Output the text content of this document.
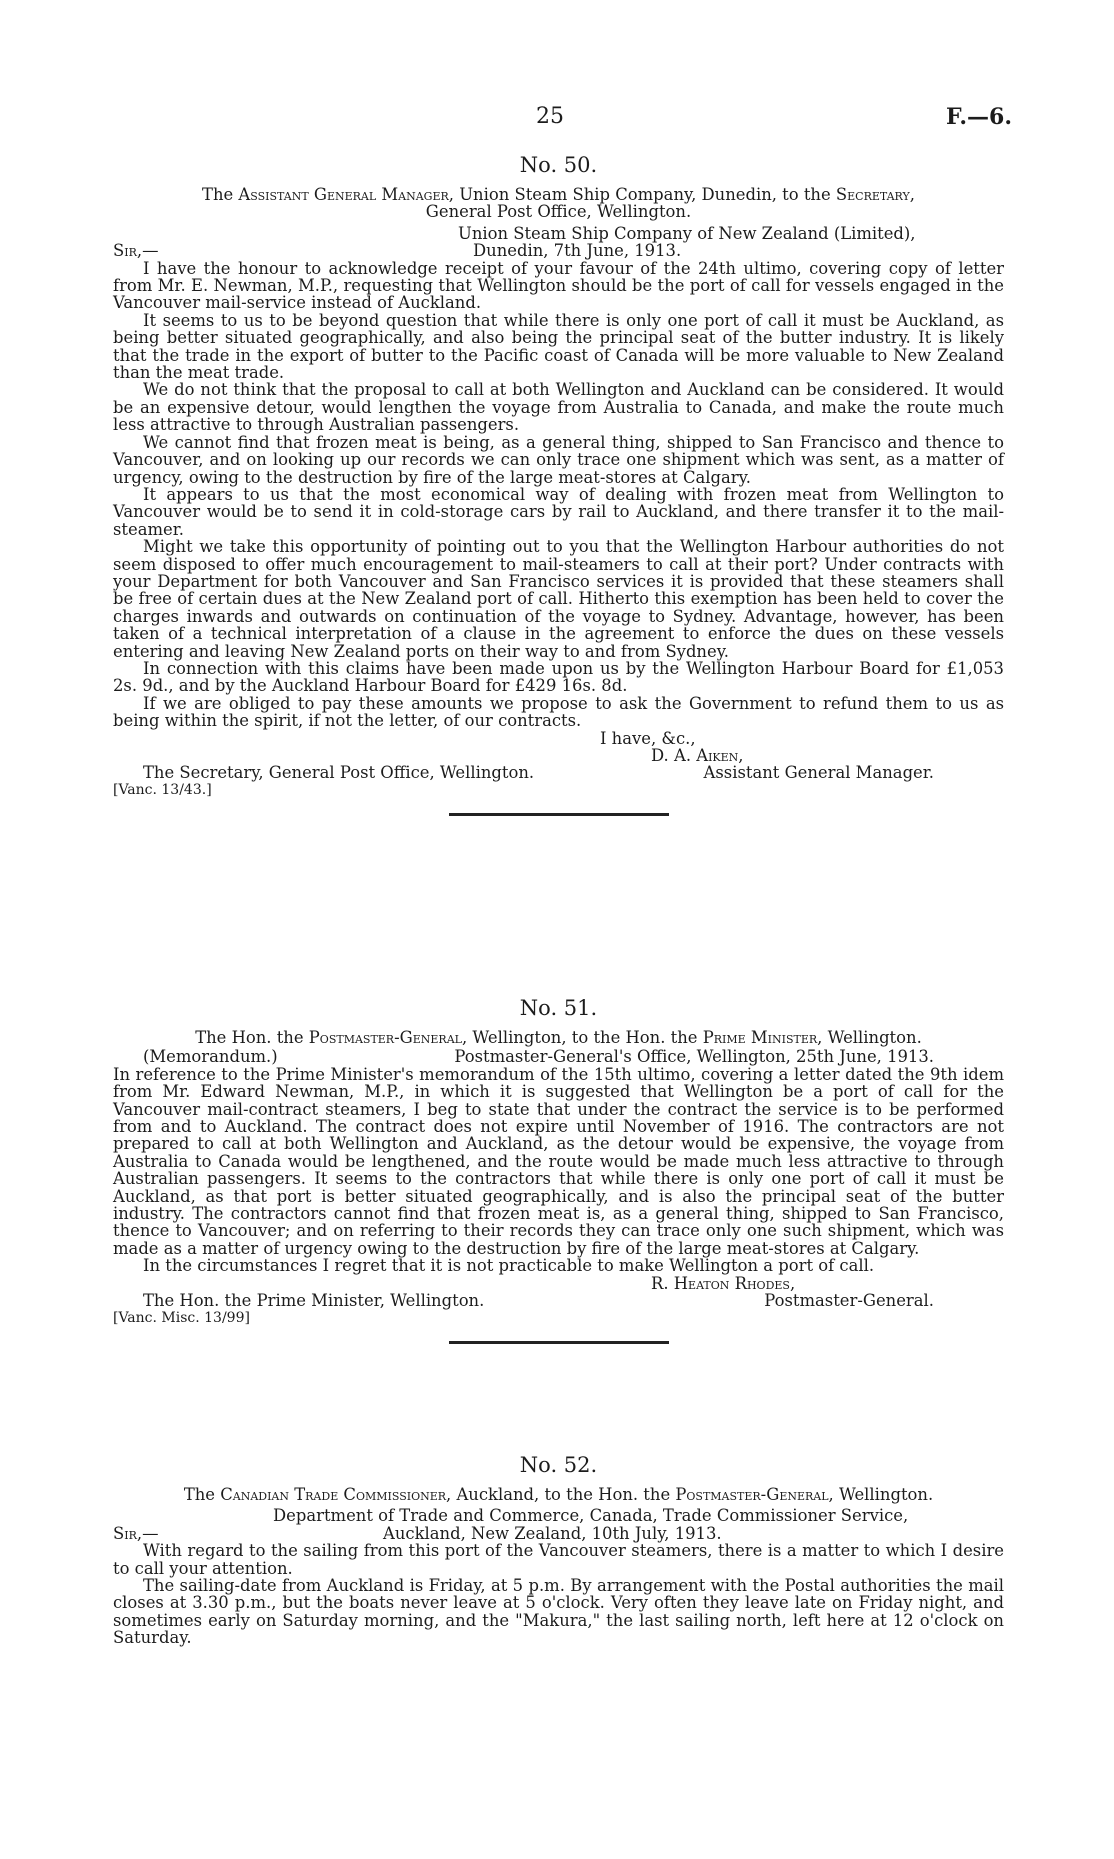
25	F.—6.
No. 50.

The Assistant General Manager, Union Steam Ship Company, Dunedin, to the Secretary,

General Post Office, Wellington.

Union Steam Ship Company of New Zealand (Limited),
Sir,—	Dunedin, 7th June, 1913.

I have the honour to acknowledge receipt of your favour of the 24th ultimo, covering copy of letter from Mr. E. Newman, M.P., requesting that Wellington should be the port of call for vessels engaged in the Vancouver mail-service instead of Auckland.

It seems to us to be beyond question that while there is only one port of call it must be Auckland, as being better situated geographically, and also being the principal seat of the butter industry. It is likely that the trade in the export of butter to the Pacific coast of Canada will be more valuable to New Zealand than the meat trade.

We do not think that the proposal to call at both Wellington and Auckland can be considered. It would be an expensive detour, would lengthen the voyage from Australia to Canada, and make the route much less attractive to through Australian passengers.

We cannot find that frozen meat is being, as a general thing, shipped to San Francisco and thence to Vancouver, and on looking up our records we can only trace one shipment which was sent, as a matter of urgency, owing to the destruction by fire of the large meat-stores at Calgary.

It appears to us that the most economical way of dealing with frozen meat from Wellington to Vancouver would be to send it in cold-storage cars by rail to Auckland, and there transfer it to the mail-steamer.

Might we take this opportunity of pointing out to you that the Wellington Harbour authorities do not seem disposed to offer much encouragement to mail-steamers to call at their port? Under contracts with your Department for both Vancouver and San Francisco services it is provided that these steamers shall be free of certain dues at the New Zealand port of call. Hitherto this exemption has been held to cover the charges inwards and outwards on continuation of the voyage to Sydney. Advantage, however, has been taken of a technical interpretation of a clause in the agreement to enforce the dues on these vessels entering and leaving New Zealand ports on their way to and from Sydney.

In connection with this claims have been made upon us by the Wellington Harbour Board for £1,053 2s. 9d., and by the Auckland Harbour Board for £429 16s. 8d.

If we are obliged to pay these amounts we propose to ask the Government to refund them to us as being within the spirit, if not the letter, of our contracts.

I have, &c.,
D. A. Aiken,
The Secretary, General Post Office, Wellington.	Assistant General Manager.
[Vanc. 13/43.]
No. 51.

The Hon. the Postmaster-General, Wellington, to the Hon. the Prime Minister, Wellington.

(Memorandum.)	Postmaster-General's Office, Wellington, 25th June, 1913.

In reference to the Prime Minister's memorandum of the 15th ultimo, covering a letter dated the 9th idem from Mr. Edward Newman, M.P., in which it is suggested that Wellington be a port of call for the Vancouver mail-contract steamers, I beg to state that under the contract the service is to be performed from and to Auckland. The contract does not expire until November of 1916. The contractors are not prepared to call at both Wellington and Auckland, as the detour would be expensive, the voyage from Australia to Canada would be lengthened, and the route would be made much less attractive to through Australian passengers. It seems to the contractors that while there is only one port of call it must be Auckland, as that port is better situated geographically, and is also the principal seat of the butter industry. The contractors cannot find that frozen meat is, as a general thing, shipped to San Francisco, thence to Vancouver; and on referring to their records they can trace only one such shipment, which was made as a matter of urgency owing to the destruction by fire of the large meat-stores at Calgary.

In the circumstances I regret that it is not practicable to make Wellington a port of call.

R. Heaton Rhodes,
The Hon. the Prime Minister, Wellington.	Postmaster-General.
[Vanc. Misc. 13/99]
No. 52.

The Canadian Trade Commissioner, Auckland, to the Hon. the Postmaster-General, Wellington.

Department of Trade and Commerce, Canada, Trade Commissioner Service,
Sir,—	Auckland, New Zealand, 10th July, 1913.

With regard to the sailing from this port of the Vancouver steamers, there is a matter to which I desire to call your attention.

The sailing-date from Auckland is Friday, at 5 p.m. By arrangement with the Postal authorities the mail closes at 3.30 p.m., but the boats never leave at 5 o'clock. Very often they leave late on Friday night, and sometimes early on Saturday morning, and the "Makura," the last sailing north, left here at 12 o'clock on Saturday.
